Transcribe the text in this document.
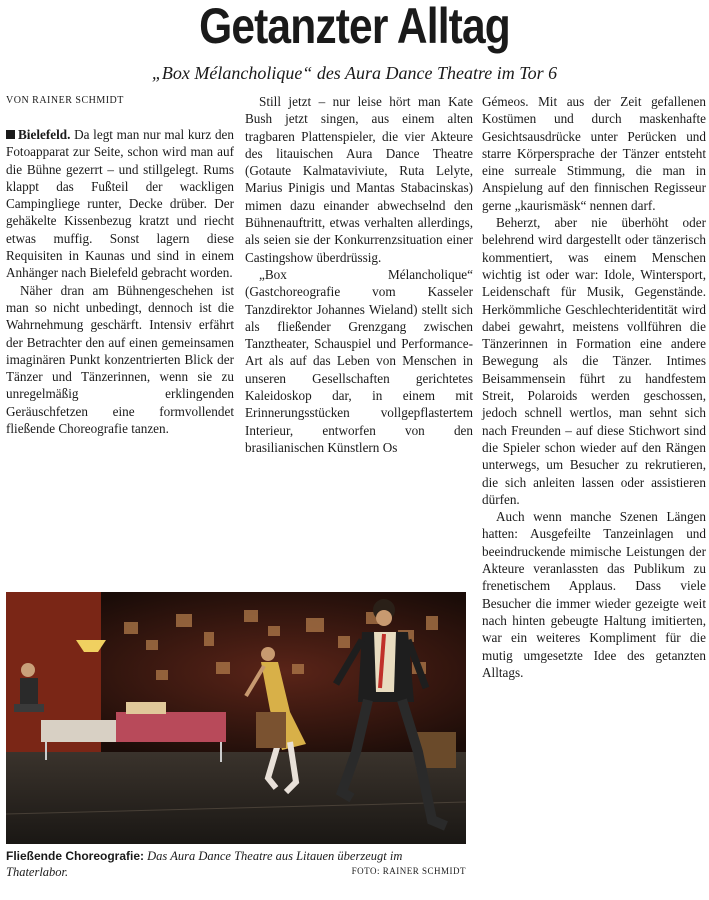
Getanzter Alltag
„Box Mélancholique“ des Aura Dance Theatre im Tor 6
VON RAINER SCHMIDT

Bielefeld. Da legt man nur mal kurz den Fotoapparat zur Seite, schon wird man auf die Bühne gezerrt – und stillgelegt. Rums klappt das Fußteil der wackligen Campingliege runter, Decke drüber. Der gehäkelte Kissenbezug kratzt und riecht etwas muffig. Sonst lagern diese Requisiten in Kaunas und sind in einem Anhänger nach Bielefeld gebracht worden.

Näher dran am Bühnengeschehen ist man so nicht unbedingt, dennoch ist die Wahrnehmung geschärft. Intensiv erfährt der Betrachter den auf einen gemeinsamen imaginären Punkt konzentrierten Blick der Tänzer und Tänzerinnen, wenn sie zu unregelmäßig erklingenden Geräuschfetzen eine formvollendet fließende Choreografie tanzen.

Still jetzt – nur leise hört man Kate Bush jetzt singen, aus einem alten tragbaren Plattenspieler, die vier Akteure des litauischen Aura Dance Theatre (Gotaute Kalmataviviute, Ruta Lelyte, Marius Pinigis und Mantas Stabacinskas) mimen dazu einander abwechselnd den Bühnenauftritt, etwas verhalten allerdings, als seien sie der Konkurrenzsituation einer Castingshow überdrüssig.

„Box Mélancholique“ (Gastchoreografie vom Kasseler Tanzdirektor Johannes Wieland) stellt sich als fließender Grenzgang zwischen Tanztheater, Schauspiel und Performance-Art als auf das Leben von Menschen in unseren Gesellschaften gerichtetes Kaleidoskop dar, in einem mit Erinnerungsstücken vollgepflastertem Interieur, entworfen von den brasilianischen Künstlern Os

Gémeos. Mit aus der Zeit gefallenen Kostümen und durch maskenhafte Gesichtsausdrücke unter Perücken und starre Körpersprache der Tänzer entsteht eine surreale Stimmung, die man in Anspielung auf den finnischen Regisseur gerne „kaurismäsk“ nennen darf.

Beherzt, aber nie überhöht oder belehrend wird dargestellt oder tänzerisch kommentiert, was einem Menschen wichtig ist oder war: Idole, Wintersport, Leidenschaft für Musik, Gegenstände. Herkömmliche Geschlechteridentität wird dabei gewahrt, meistens vollführen die Tänzerinnen in Formation eine andere Bewegung als die Tänzer. Intimes Beisammensein führt zu handfestem Streit, Polaroids werden geschossen, jedoch schnell wertlos, man sehnt sich nach Freunden – auf diese Stichwort sind die Spieler schon wieder auf den Rängen unterwegs, um Besucher zu rekrutieren, die sich anleiten lassen oder assistieren dürfen.

Auch wenn manche Szenen Längen hatten: Ausgefeilte Tanzeinlagen und beeindruckende mimische Leistungen der Akteure veranlassten das Publikum zu frenetischem Applaus. Dass viele Besucher die immer wieder gezeigte weit nach hinten gebeugte Haltung imitierten, war ein weiteres Kompliment für die mutig umgesetzte Idee des getanzten Alltags.

Fließende Choreografie: Das Aura Dance Theatre aus Litauen überzeugt im Thaterlabor.	FOTO: RAINER SCHMIDT
